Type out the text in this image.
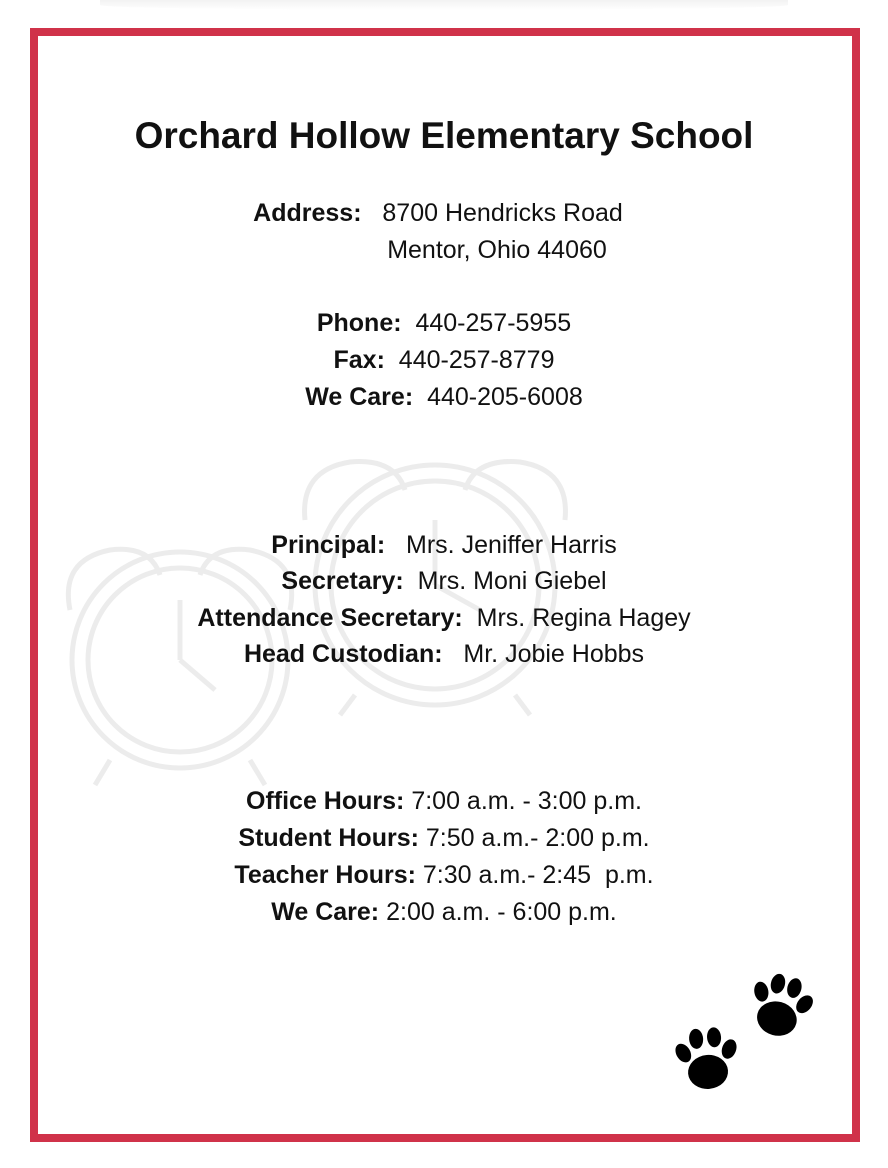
Orchard Hollow Elementary School
Address: 8700 Hendricks Road
Mentor, Ohio 44060
Phone: 440-257-5955
Fax: 440-257-8779
We Care: 440-205-6008
Principal: Mrs. Jeniffer Harris
Secretary: Mrs. Moni Giebel
Attendance Secretary: Mrs. Regina Hagey
Head Custodian: Mr. Jobie Hobbs
Office Hours: 7:00 a.m. - 3:00 p.m.
Student Hours: 7:50 a.m.- 2:00 p.m.
Teacher Hours: 7:30 a.m.- 2:45  p.m.
We Care: 2:00 a.m. - 6:00 p.m.
